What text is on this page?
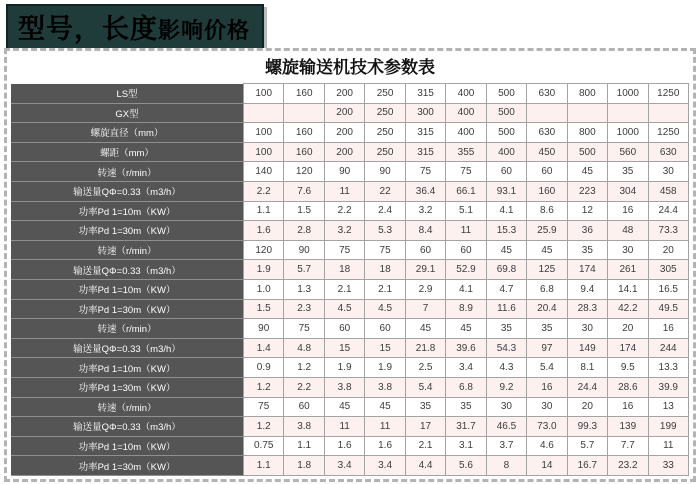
型号，长度影响价格
螺旋输送机技术参数表
LS型	100	160	200	250	315	400	500	630	800	1000	1250
GX型			200	250	300	400	500				
螺旋直径（mm）	100	160	200	250	315	400	500	630	800	1000	1250
螺距（mm）	100	160	200	250	315	355	400	450	500	560	630
转速（r/min）	140	120	90	90	75	75	60	60	45	35	30
输送量QΦ=0.33（m3/h）	2.2	7.6	11	22	36.4	66.1	93.1	160	223	304	458
功率Pd 1=10m（KW）	1.1	1.5	2.2	2.4	3.2	5.1	4.1	8.6	12	16	24.4
功率Pd 1=30m（KW）	1.6	2.8	3.2	5.3	8.4	11	15.3	25.9	36	48	73.3
转速（r/min）	120	90	75	75	60	60	45	45	35	30	20
输送量QΦ=0.33（m3/h）	1.9	5.7	18	18	29.1	52.9	69.8	125	174	261	305
功率Pd 1=10m（KW）	1.0	1.3	2.1	2.1	2.9	4.1	4.7	6.8	9.4	14.1	16.5
功率Pd 1=30m（KW）	1.5	2.3	4.5	4.5	7	8.9	11.6	20.4	28.3	42.2	49.5
转速（r/min）	90	75	60	60	45	45	35	35	30	20	16
输送量QΦ=0.33（m3/h）	1.4	4.8	15	15	21.8	39.6	54.3	97	149	174	244
功率Pd 1=10m（KW）	0.9	1.2	1.9	1.9	2.5	3.4	4.3	5.4	8.1	9.5	13.3
功率Pd 1=30m（KW）	1.2	2.2	3.8	3.8	5.4	6.8	9.2	16	24.4	28.6	39.9
转速（r/min）	75	60	45	45	35	35	30	30	20	16	13
输送量QΦ=0.33（m3/h）	1.2	3.8	11	11	17	31.7	46.5	73.0	99.3	139	199
功率Pd 1=10m（KW）	0.75	1.1	1.6	1.6	2.1	3.1	3.7	4.6	5.7	7.7	11
功率Pd 1=30m（KW）	1.1	1.8	3.4	3.4	4.4	5.6	8	14	16.7	23.2	33
